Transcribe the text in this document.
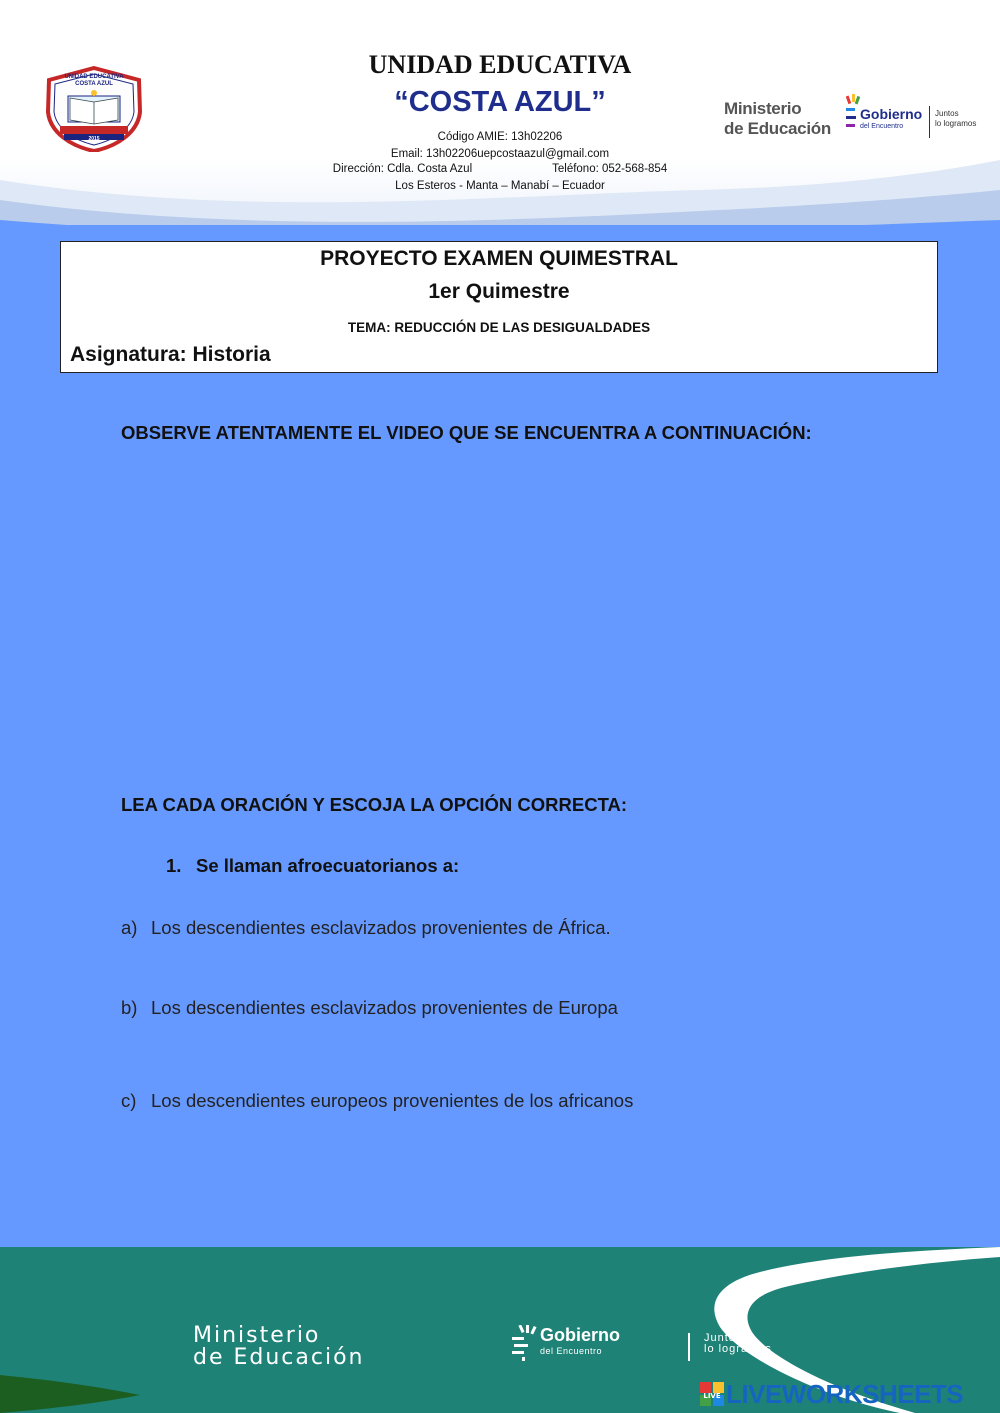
UNIDAD EDUCATIVA
COSTA AZUL
2015
UNIDAD EDUCATIVA
“COSTA AZUL”
Código AMIE: 13h02206
Email: 13h02206uepcostaazul@gmail.com
Dirección: Cdla. Costa Azul	Teléfono: 052-568-854
Los Esteros - Manta – Manabí – Ecuador
Ministerio
de Educación
Gobierno
del Encuentro
Juntos
lo logramos
PROYECTO EXAMEN QUIMESTRAL
1er Quimestre
TEMA: REDUCCIÓN DE LAS DESIGUALDADES
Asignatura: Historia
OBSERVE ATENTAMENTE EL VIDEO QUE SE ENCUENTRA A CONTINUACIÓN:
LEA CADA ORACIÓN Y ESCOJA LA OPCIÓN CORRECTA:
1. Se llaman afroecuatorianos a:
a) Los descendientes esclavizados provenientes de África.
b) Los descendientes esclavizados provenientes de Europa
c) Los descendientes europeos provenientes de los africanos
Ministerio
de Educación
Gobierno
del Encuentro
Juntos
lo logramos
LIVE LIVEWORKSHEETS
